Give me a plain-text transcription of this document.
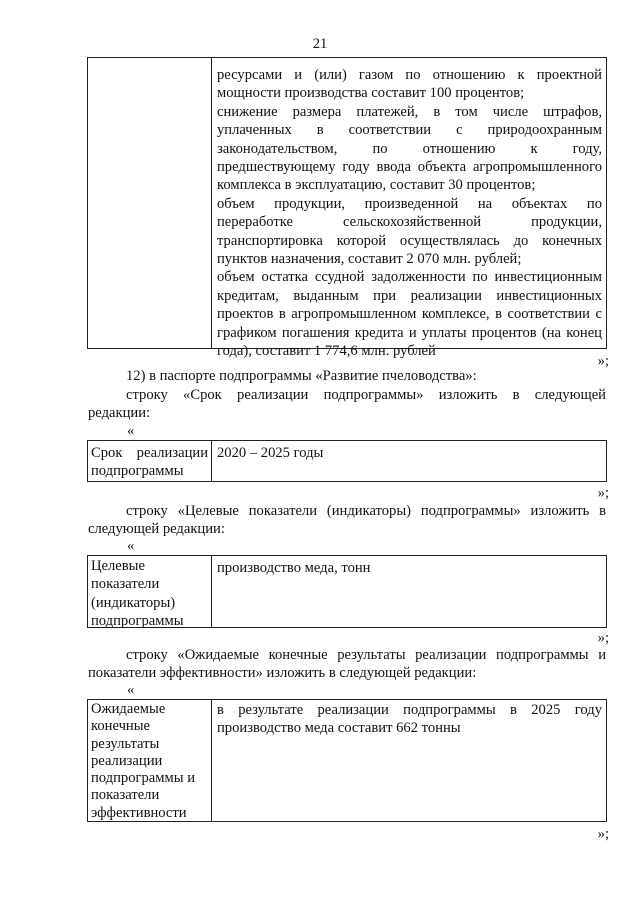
21
ресурсами и (или) газом по отношению к проектной
мощности производства составит 100 процентов;
снижение размера платежей, в том числе штрафов,
уплаченных в соответствии с природоохранным
законодательством, по отношению к году,
предшествующему году ввода объекта агропромышленного
комплекса в эксплуатацию, составит 30 процентов;
объем продукции, произведенной на объектах по
переработке сельскохозяйственной продукции,
транспортировка которой осуществлялась до конечных
пунктов назначения, составит 2 070 млн. рублей;
объем остатка ссудной задолженности по инвестиционным
кредитам, выданным при реализации инвестиционных
проектов в агропромышленном комплексе, в соответствии с
графиком погашения кредита и уплаты процентов (на конец
года), составит 1 774,6 млн. рублей
»;
12) в паспорте подпрограммы «Развитие пчеловодства»:
строку «Срок реализации подпрограммы» изложить в следующей
редакции:
«
Срок реализации
подпрограммы
2020 – 2025 годы
»;
строку «Целевые показатели (индикаторы) подпрограммы» изложить в
следующей редакции:
«
Целевые
показатели
(индикаторы)
подпрограммы
производство меда, тонн
»;
строку «Ожидаемые конечные результаты реализации подпрограммы и
показатели эффективности» изложить в следующей редакции:
«
Ожидаемые
конечные
результаты
реализации
подпрограммы и
показатели
эффективности
в результате реализации подпрограммы в 2025 году
производство меда составит 662 тонны
»;
